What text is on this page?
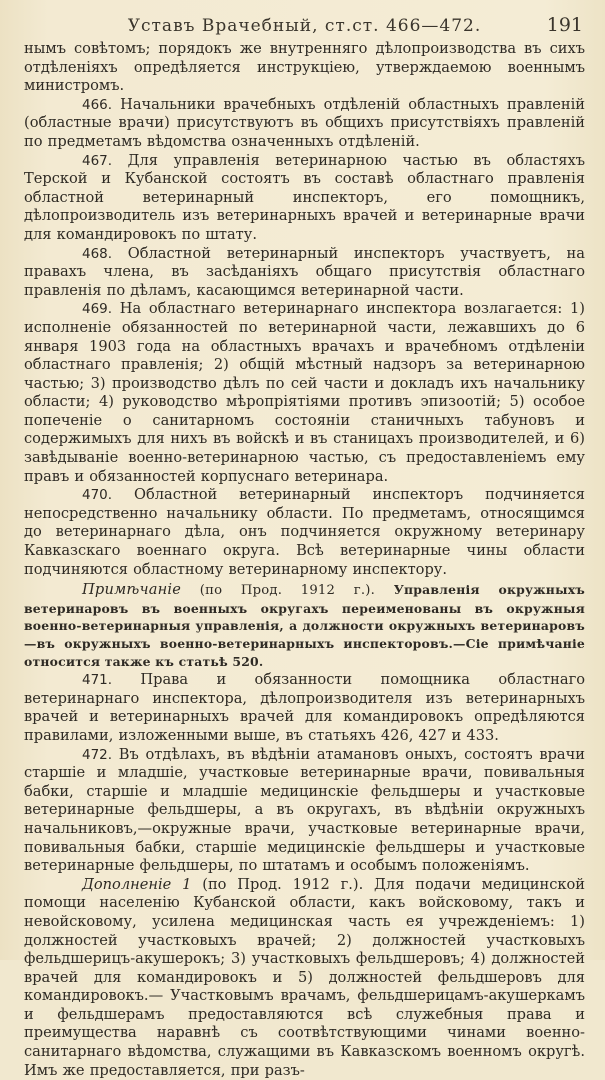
Уставъ Врачебный, ст.ст. 466—472.	191

нымъ совѣтомъ; порядокъ же внутренняго дѣлопроизводства въ сихъ отдѣленіяхъ опредѣляется инструкціею, утверждаемою военнымъ министромъ.

466. Начальники врачебныхъ отдѣленій областныхъ правленій (областные врачи) присутствуютъ въ общихъ присутствіяхъ правленій по предметамъ вѣдомства означенныхъ отдѣленій.

467. Для управленія ветеринарною частью въ областяхъ Терской и Кубанской состоятъ въ составѣ областнаго правленія областной ветеринарный инспекторъ, его помощникъ, дѣлопроизводитель изъ ветеринарныхъ врачей и ветеринарные врачи для командировокъ по штату.

468. Областной ветеринарный инспекторъ участвуетъ, на правахъ члена, въ засѣданіяхъ общаго присутствія областнаго правленія по дѣламъ, касающимся ветеринарной части.

469. На областнаго ветеринарнаго инспектора возлагается: 1) исполненіе обязанностей по ветеринарной части, лежавшихъ до 6 января 1903 года на областныхъ врачахъ и врачебномъ отдѣленіи областнаго правленія; 2) общій мѣстный надзоръ за ветеринарною частью; 3) производство дѣлъ по сей части и докладъ ихъ начальнику области; 4) руководство мѣропріятіями противъ эпизоотій; 5) особое попеченіе о санитарномъ состояніи станичныхъ табуновъ и содержимыхъ для нихъ въ войскѣ и въ станицахъ производителей, и 6) завѣдываніе военно-ветеринарною частью, съ предоставленіемъ ему правъ и обязанностей корпуснаго ветеринара.

470. Областной ветеринарный инспекторъ подчиняется непосредственно начальнику области. По предметамъ, относящимся до ветеринарнаго дѣла, онъ подчиняется окружному ветеринару Кавказскаго военнаго округа. Всѣ ветеринарные чины области подчиняются областному ветеринарному инспектору.

Примѣчаніе (по Прод. 1912 г.). Управленія окружныхъ ветеринаровъ въ военныхъ округахъ переименованы въ окружныя военно-ветеринарныя управленія, а должности окружныхъ ветеринаровъ—въ окружныхъ военно-ветеринарныхъ инспекторовъ.—Сіе примѣчаніе относится также къ статьѣ 520.

471. Права и обязанности помощника областнаго ветеринарнаго инспектора, дѣлопроизводителя изъ ветеринарныхъ врачей и ветеринарныхъ врачей для командировокъ опредѣляются правилами, изложенными выше, въ статьяхъ 426, 427 и 433.

472. Въ отдѣлахъ, въ вѣдѣніи атамановъ оныхъ, состоятъ врачи старшіе и младшіе, участковые ветеринарные врачи, повивальныя бабки, старшіе и младшіе медицинскіе фельдшеры и участковые ветеринарные фельдшеры, а въ округахъ, въ вѣдѣніи окружныхъ начальниковъ,—окружные врачи, участковые ветеринарные врачи, повивальныя бабки, старшіе медицинскіе фельдшеры и участковые ветеринарные фельдшеры, по штатамъ и особымъ положеніямъ.

Дополненіе 1 (по Прод. 1912 г.). Для подачи медицинской помощи населенію Кубанской области, какъ войсковому, такъ и невойсковому, усилена медицинская часть ея учрежденіемъ: 1) должностей участковыхъ врачей; 2) должностей участковыхъ фельдшерицъ-акушерокъ; 3) участковыхъ фельдшеровъ; 4) должностей врачей для командировокъ и 5) должностей фельдшеровъ для командировокъ.— Участковымъ врачамъ, фельдшерицамъ-акушеркамъ и фельдшерамъ предоставляются всѣ служебныя права и преимущества наравнѣ съ соотвѣтствующими чинами военно-санитарнаго вѣдомства, служащими въ Кавказскомъ военномъ округѣ. Имъ же предоставляется, при разъ-
